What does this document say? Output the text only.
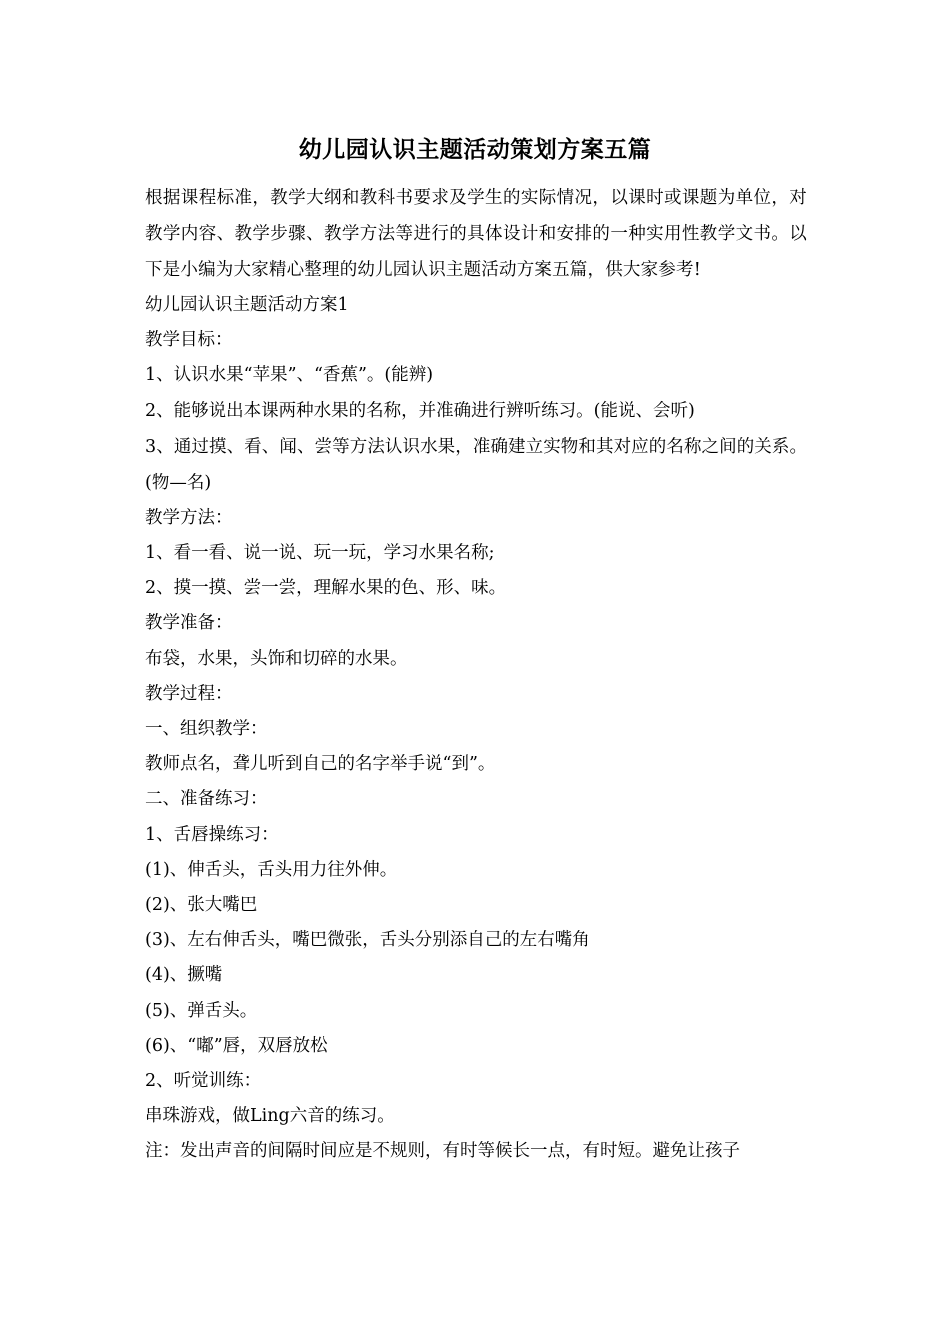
幼儿园认识主题活动策划方案五篇

根据课程标准，教学大纲和教科书要求及学生的实际情况，以课时或课题为单位，对教学内容、教学步骤、教学方法等进行的具体设计和安排的一种实用性教学文书。以下是小编为大家精心整理的幼儿园认识主题活动方案五篇，供大家参考!

幼儿园认识主题活动方案1

教学目标：

1、认识水果“苹果”、“香蕉”。(能辨)

2、能够说出本课两种水果的名称，并准确进行辨听练习。(能说、会听)

3、通过摸、看、闻、尝等方法认识水果，准确建立实物和其对应的名称之间的关系。 (物—名)

教学方法：

1、看一看、说一说、玩一玩，学习水果名称;

2、摸一摸、尝一尝，理解水果的色、形、味。

教学准备：

布袋，水果，头饰和切碎的水果。

教学过程：

一、组织教学：

教师点名，聋儿听到自己的名字举手说“到”。

二、准备练习：

1、舌唇操练习：

(1)、伸舌头，舌头用力往外伸。

(2)、张大嘴巴

(3)、左右伸舌头，嘴巴微张，舌头分别添自己的左右嘴角

(4)、撅嘴

(5)、弹舌头。

(6)、“嘟”唇，双唇放松

2、听觉训练：

串珠游戏，做Ling六音的练习。

注：发出声音的间隔时间应是不规则，有时等候长一点，有时短。避免让孩子
